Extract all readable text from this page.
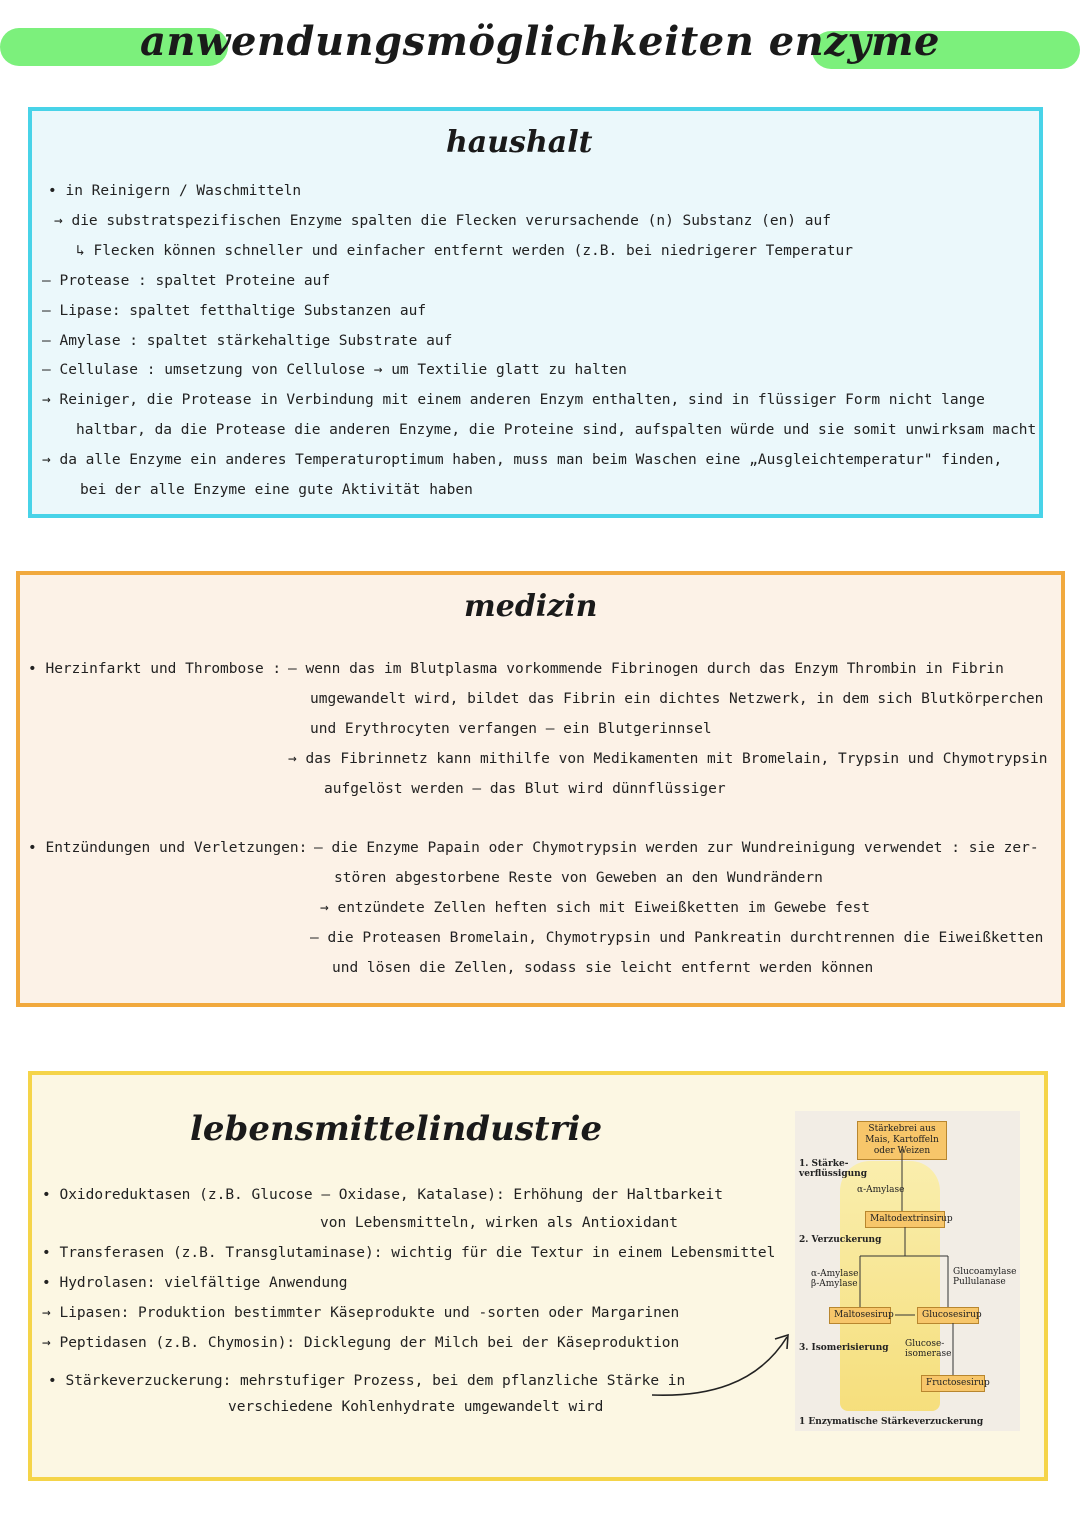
anwendungsmöglichkeiten enzyme
haushalt
• in Reinigern / Waschmitteln
→ die substratspezifischen Enzyme spalten die Flecken verursachende (n) Substanz (en) auf
↳ Flecken können schneller und einfacher entfernt werden (z.B. bei niedrigerer Temperatur
– Protease : spaltet Proteine auf
– Lipase: spaltet fetthaltige Substanzen auf
– Amylase : spaltet stärkehaltige Substrate auf
– Cellulase : umsetzung von Cellulose → um Textilie glatt zu halten
→ Reiniger, die Protease in Verbindung mit einem anderen Enzym enthalten, sind in flüssiger Form nicht lange
haltbar, da die Protease die anderen Enzyme, die Proteine sind, aufspalten würde und sie somit unwirksam macht
→ da alle Enzyme ein anderes Temperaturoptimum haben, muss man beim Waschen eine „Ausgleichtemperatur" finden,
bei der alle Enzyme eine gute Aktivität haben
medizin
• Herzinfarkt und Thrombose : – wenn das im Blutplasma vorkommende Fibrinogen durch das Enzym Thrombin in Fibrin
umgewandelt wird, bildet das Fibrin ein dichtes Netzwerk, in dem sich Blutkörperchen
und Erythrocyten verfangen – ein Blutgerinnsel
→ das Fibrinnetz kann mithilfe von Medikamenten mit Bromelain, Trypsin und Chymotrypsin
aufgelöst werden – das Blut wird dünnflüssiger
• Entzündungen und Verletzungen: – die Enzyme Papain oder Chymotrypsin werden zur Wundreinigung verwendet : sie zer-
stören abgestorbene Reste von Geweben an den Wundrändern
→ entzündete Zellen heften sich mit Eiweißketten im Gewebe fest
– die Proteasen Bromelain, Chymotrypsin und Pankreatin durchtrennen die Eiweißketten
und lösen die Zellen, sodass sie leicht entfernt werden können
lebensmittelindustrie
• Oxidoreduktasen (z.B. Glucose – Oxidase, Katalase): Erhöhung der Haltbarkeit
von Lebensmitteln, wirken als Antioxidant
• Transferasen (z.B. Transglutaminase): wichtig für die Textur in einem Lebensmittel
• Hydrolasen: vielfältige Anwendung
→ Lipasen: Produktion bestimmter Käseprodukte und -sorten oder Margarinen
→ Peptidasen (z.B. Chymosin): Dicklegung der Milch bei der Käseproduktion
• Stärkeverzuckerung: mehrstufiger Prozess, bei dem pflanzliche Stärke in
verschiedene Kohlenhydrate umgewandelt wird
Stärkebrei aus Mais, Kartoffeln oder Weizen
1. Stärke-
verflüssigung
α-Amylase
Maltodextrinsirup
2. Verzuckerung
α-Amylase
β-Amylase
Glucoamylase
Pullulanase
Maltosesirup	Glucosesirup
3. Isomerisierung Glucose-
isomerase
Fructosesirup
1 Enzymatische Stärkeverzuckerung
